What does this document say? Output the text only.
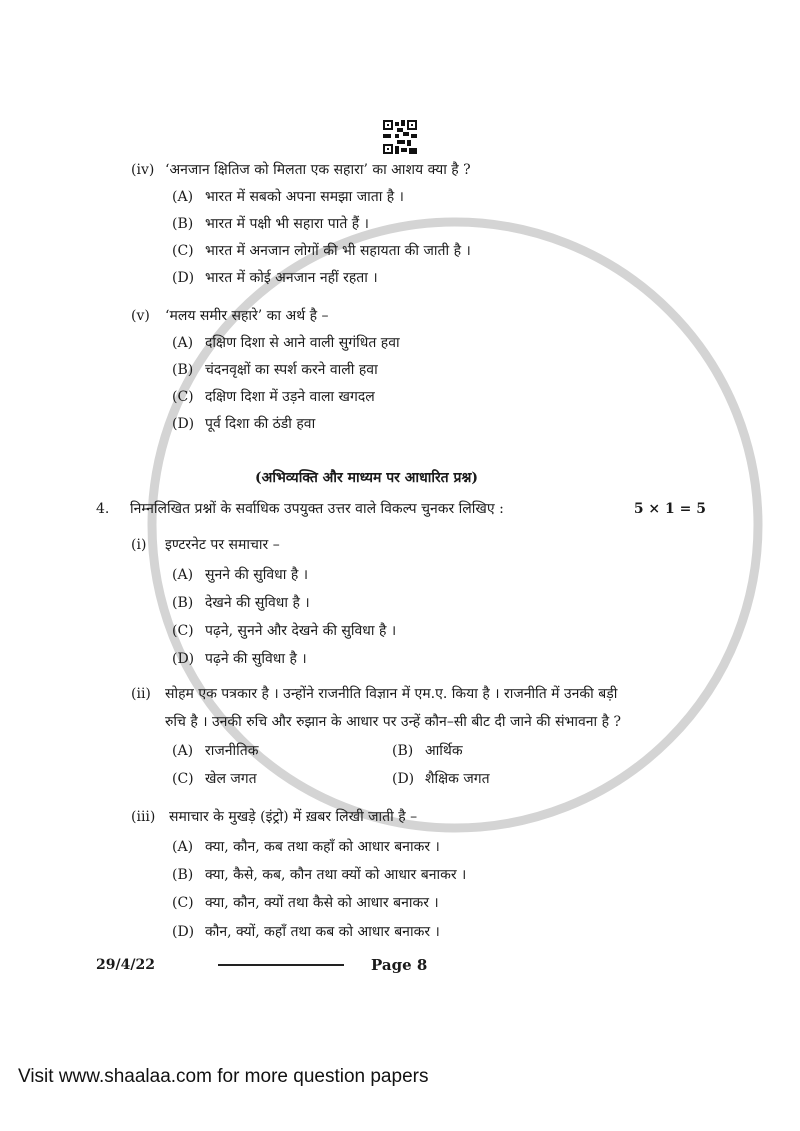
(iv) ‘अनजान क्षितिज को मिलता एक सहारा’ का आशय क्या है ?
(A) भारत में सबको अपना समझा जाता है ।
(B) भारत में पक्षी भी सहारा पाते हैं ।
(C) भारत में अनजान लोगों की भी सहायता की जाती है ।
(D) भारत में कोई अनजान नहीं रहता ।
(v)	‘मलय समीर सहारे’ का अर्थ है –
(A) दक्षिण दिशा से आने वाली सुगंधित हवा
(B) चंदनवृक्षों का स्पर्श करने वाली हवा
(C) दक्षिण दिशा में उड़ने वाला खगदल
(D) पूर्व दिशा की ठंडी हवा
(अभिव्यक्ति और माध्यम पर आधारित प्रश्न)
4.	निम्नलिखित प्रश्नों के सर्वाधिक उपयुक्त उत्तर वाले विकल्प चुनकर लिखिए :	5 × 1 = 5
(i)	इण्टरनेट पर समाचार –
(A) सुनने की सुविधा है ।
(B) देखने की सुविधा है ।
(C) पढ़ने, सुनने और देखने की सुविधा है ।
(D) पढ़ने की सुविधा है ।
(ii)	सोहम एक पत्रकार है । उन्होंने राजनीति विज्ञान में एम.ए. किया है । राजनीति में उनकी बड़ी
रुचि है । उनकी रुचि और रुझान के आधार पर उन्हें कौन–सी बीट दी जाने की संभावना है ?
(A) राजनीतिक	(B) आर्थिक
(C) खेल जगत	(D) शैक्षिक जगत
(iii) समाचार के मुखड़े (इंट्रो) में ख़बर लिखी जाती है –
(A) क्या, कौन, कब तथा कहाँ को आधार बनाकर ।
(B) क्या, कैसे, कब, कौन तथा क्यों को आधार बनाकर ।
(C) क्या, कौन, क्यों तथा कैसे को आधार बनाकर ।
(D) कौन, क्यों, कहाँ तथा कब को आधार बनाकर ।
29/4/22	Page 8
Visit www.shaalaa.com for more question papers
